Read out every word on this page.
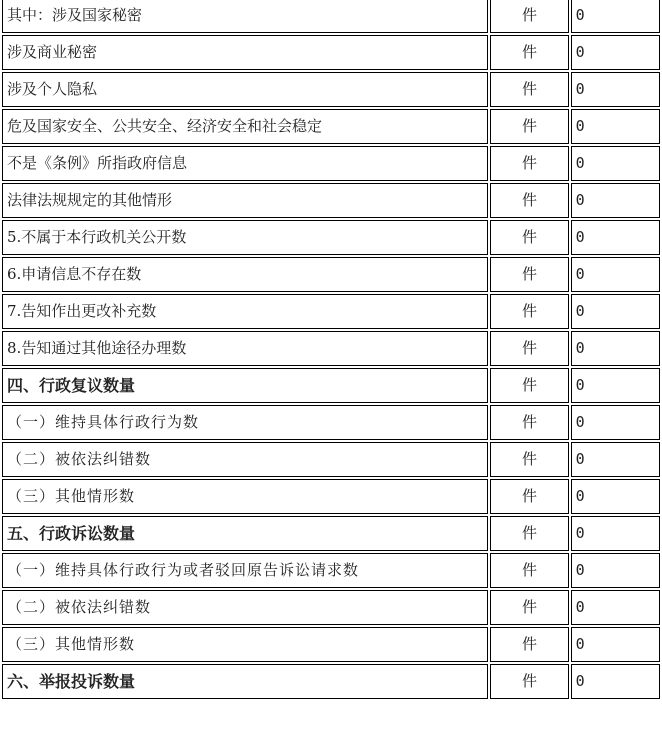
其中：涉及国家秘密	件	0
涉及商业秘密	件	0
涉及个人隐私	件	0
危及国家安全、公共安全、经济安全和社会稳定	件	0
不是《条例》所指政府信息	件	0
法律法规规定的其他情形	件	0
5.不属于本行政机关公开数	件	0
6.申请信息不存在数	件	0
7.告知作出更改补充数	件	0
8.告知通过其他途径办理数	件	0
四、行政复议数量	件	0
（一）维持具体行政行为数	件	0
（二）被依法纠错数	件	0
（三）其他情形数	件	0
五、行政诉讼数量	件	0
（一）维持具体行政行为或者驳回原告诉讼请求数	件	0
（二）被依法纠错数	件	0
（三）其他情形数	件	0
六、举报投诉数量	件	0
